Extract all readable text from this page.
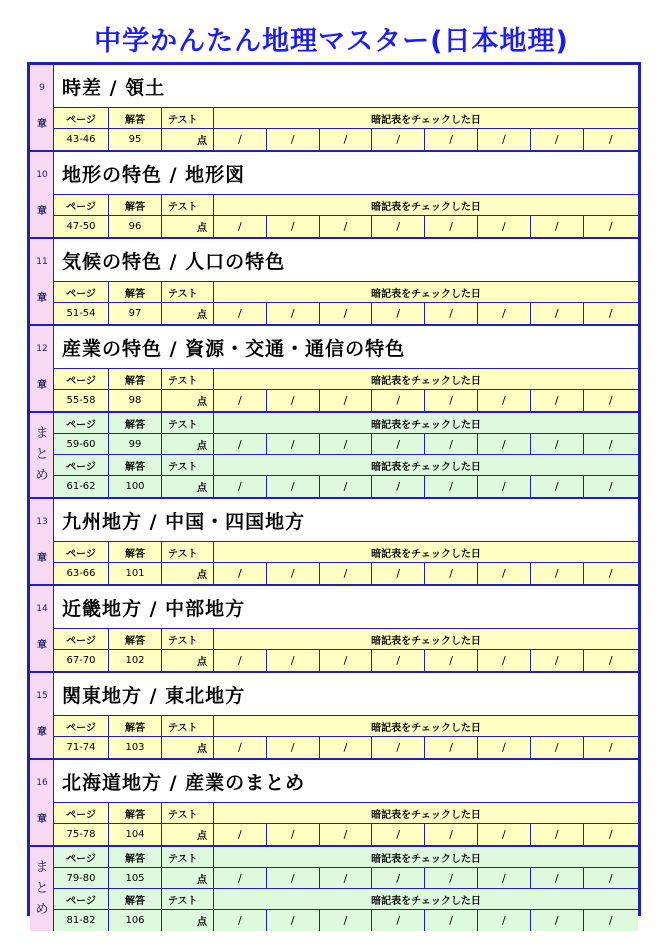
中学かんたん地理マスター(日本地理)
9
章
時差 / 領土
ページ	解答	テスト	暗記表をチェックした日
43-46	95	点	/	/	/	/	/	/	/	/
10
章
地形の特色 / 地形図
ページ	解答	テスト	暗記表をチェックした日
47-50	96	点	/	/	/	/	/	/	/	/
11
章
気候の特色 / 人口の特色
ページ	解答	テスト	暗記表をチェックした日
51-54	97	点	/	/	/	/	/	/	/	/
12
章
産業の特色 / 資源・交通・通信の特色
ページ	解答	テスト	暗記表をチェックした日
55-58	98	点	/	/	/	/	/	/	/	/
ま
と
め
ページ	解答	テスト	暗記表をチェックした日
59-60	99	点	/	/	/	/	/	/	/	/
ページ	解答	テスト	暗記表をチェックした日
61-62	100	点	/	/	/	/	/	/	/	/
13
章
九州地方 / 中国・四国地方
ページ	解答	テスト	暗記表をチェックした日
63-66	101	点	/	/	/	/	/	/	/	/
14
章
近畿地方 / 中部地方
ページ	解答	テスト	暗記表をチェックした日
67-70	102	点	/	/	/	/	/	/	/	/
15
章
関東地方 / 東北地方
ページ	解答	テスト	暗記表をチェックした日
71-74	103	点	/	/	/	/	/	/	/	/
16
章
北海道地方 / 産業のまとめ
ページ	解答	テスト	暗記表をチェックした日
75-78	104	点	/	/	/	/	/	/	/	/
ま
と
め
ページ	解答	テスト	暗記表をチェックした日
79-80	105	点	/	/	/	/	/	/	/	/
ページ	解答	テスト	暗記表をチェックした日
81-82	106	点	/	/	/	/	/	/	/	/
